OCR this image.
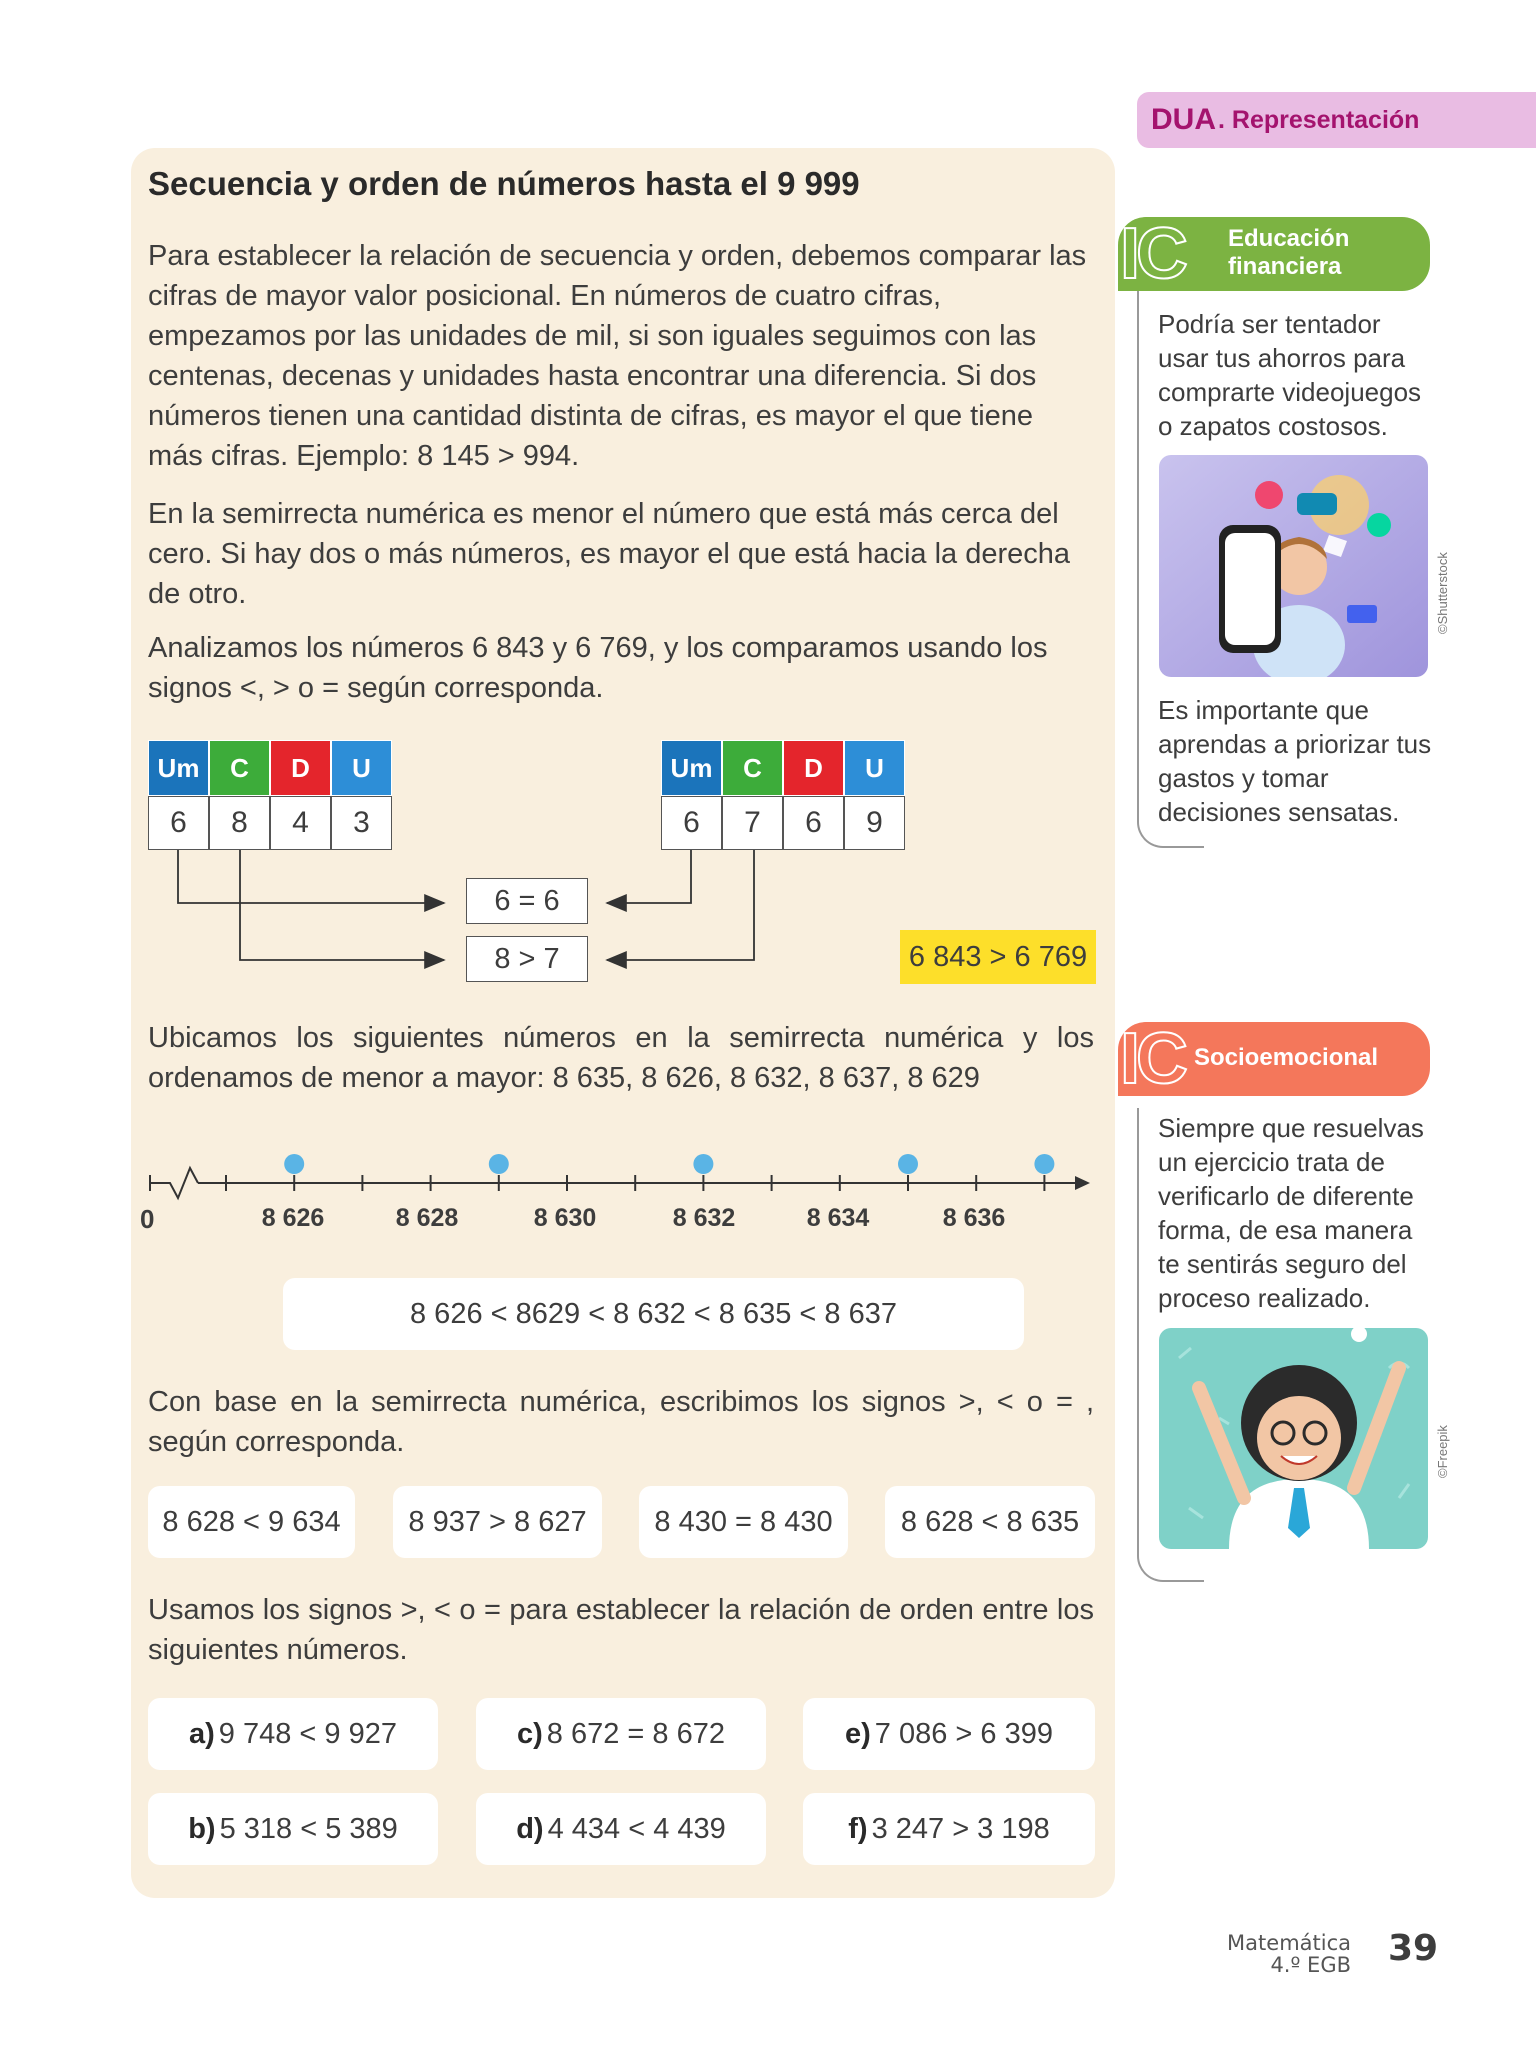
DUA . Representación
Secuencia y orden de números hasta el 9 999
Para establecer la relación de secuencia y orden, debemos comparar las cifras de mayor valor posicional. En números de cuatro cifras, empezamos por las unidades de mil, si son iguales seguimos con las centenas, decenas y unidades hasta encontrar una diferencia. Si dos números tienen una cantidad distinta de cifras, es mayor el que tiene más cifras. Ejemplo: 8 145 > 994.
En la semirrecta numérica es menor el número que está más cerca del cero. Si hay dos o más números, es mayor el que está hacia la derecha de otro.
Analizamos los números 6 843 y 6 769, y los comparamos usando los signos <, > o = según corresponda.
Um	C	D	U
6	8	4	3
Um	C	D	U
6	7	6	9
6 = 6
8 > 7	6 843 > 6 769
Ubicamos los siguientes números en la semirrecta numérica y los ordenamos de menor a mayor: 8 635, 8 626, 8 632, 8 637, 8 629
0	8 626	8 628	8 630	8 632	8 634	8 636
8 626 < 8629 < 8 632 < 8 635 < 8 637
Con base en la semirrecta numérica, escribimos los signos >, < o = , según corresponda.
8 628 < 9 634	8 937 > 8 627	8 430 = 8 430	8 628 < 8 635
Usamos los signos >, < o = para establecer la relación de orden entre los siguientes números.
a) 9 748 < 9 927	c) 8 672 = 8 672	e) 7 086 > 6 399
b) 5 318 < 5 389	d) 4 434 < 4 439	f) 3 247 > 3 198
IC Educación financiera
Podría ser tentador usar tus ahorros para comprarte videojuegos o zapatos costosos.
©Shutterstock
Es importante que aprendas a priorizar tus gastos y tomar decisiones sensatas.
IC Socioemocional
Siempre que resuelvas un ejercicio trata de verificarlo de diferente forma, de esa manera te sentirás seguro del proceso realizado.
©Freepik
Matemática
4.º EGB 39
